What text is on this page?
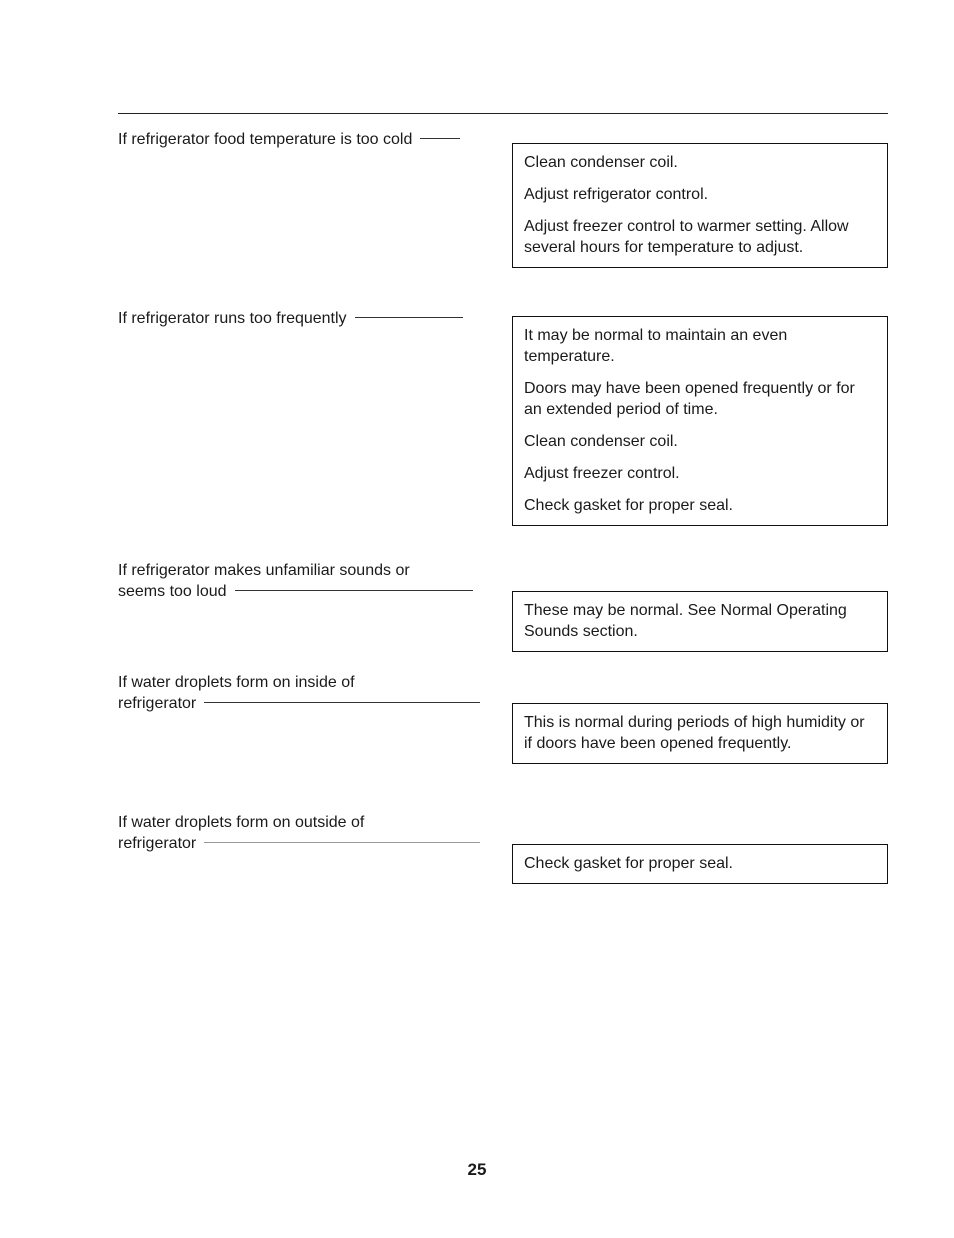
If refrigerator food temperature is too cold

Clean condenser coil.

Adjust refrigerator control.

Adjust freezer control to warmer setting. Allow several hours for temperature to adjust.

If refrigerator runs too frequently

It may be normal to maintain an even temperature.

Doors may have been opened frequently or for an extended period of time.

Clean condenser coil.

Adjust freezer control.

Check gasket for proper seal.

If refrigerator makes unfamiliar sounds or
seems too loud

These may be normal. See Normal Operating Sounds section.

If water droplets form on inside of
refrigerator

This is normal during periods of high humidity or if doors have been opened frequently.

If water droplets form on outside of
refrigerator

Check gasket for proper seal.

25
